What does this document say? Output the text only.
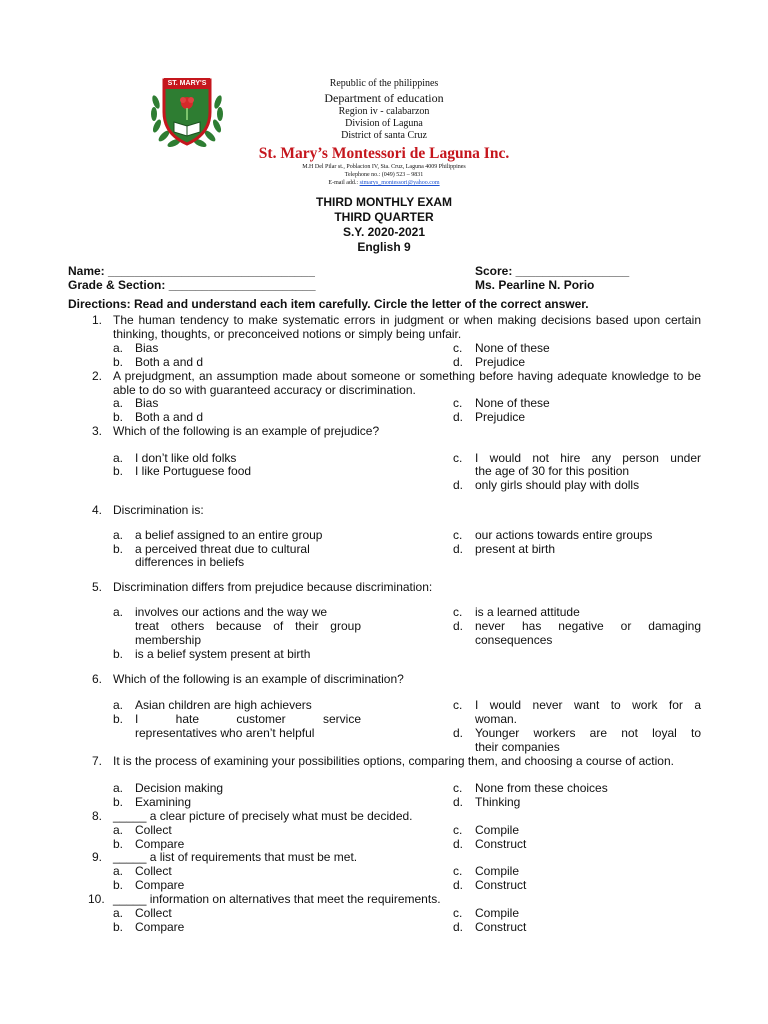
ST. MARY'S	Republic of the philippines
Department of education
Region iv - calabarzon
Division of Laguna
District of santa Cruz
St. Mary’s Montessori de Laguna Inc.
M.H Del Pilar st., Poblacion IV, Sta. Cruz, Laguna 4009 Philippines
Telephone no.: (049) 523 – 9831
E-mail add.: stmarys_montessori@yahoo.com
THIRD MONTHLY EXAM
THIRD QUARTER
S.Y. 2020-2021
English 9
Name: _______________________________	Score: _________________
Grade & Section: ______________________	Ms. Pearline N. Porio
Directions: Read and understand each item carefully. Circle the letter of the correct answer.
1. The human tendency to make systematic errors in judgment or when making decisions based upon certain thinking, thoughts, or preconceived notions or simply being unfair.
a. Bias
b. Both a and d
c. None of these
d. Prejudice
2. A prejudgment, an assumption made about someone or something before having adequate knowledge to be able to do so with guaranteed accuracy or discrimination.
a. Bias
b. Both a and d
c. None of these
d. Prejudice
3. Which of the following is an example of prejudice?
a. I don’t like old folks
b. I like Portuguese food
c. I would not hire any person under
the age of 30 for this position
d. only girls should play with dolls
4. Discrimination is:
a. a belief assigned to an entire group
b. a perceived threat due to cultural
differences in beliefs
c. our actions towards entire groups
d. present at birth
5. Discrimination differs from prejudice because discrimination:
a. involves our actions and the way we
treat others because of their group
membership
b. is a belief system present at birth
c. is a learned attitude
d. never has negative or damaging
consequences
6. Which of the following is an example of discrimination?
a. Asian children are high achievers
b. I hate customer service
representatives who aren’t helpful
c. I would never want to work for a
woman.
d. Younger workers are not loyal to
their companies
7. It is the process of examining your possibilities options, comparing them, and choosing a course of action.
a. Decision making
b. Examining
c. None from these choices
d. Thinking
8. _____ a clear picture of precisely what must be decided.
a. Collect
b. Compare
c. Compile
d. Construct
9. _____ a list of requirements that must be met.
a. Collect
b. Compare
c. Compile
d. Construct
10. _____ information on alternatives that meet the requirements.
a. Collect
b. Compare
c. Compile
d. Construct
